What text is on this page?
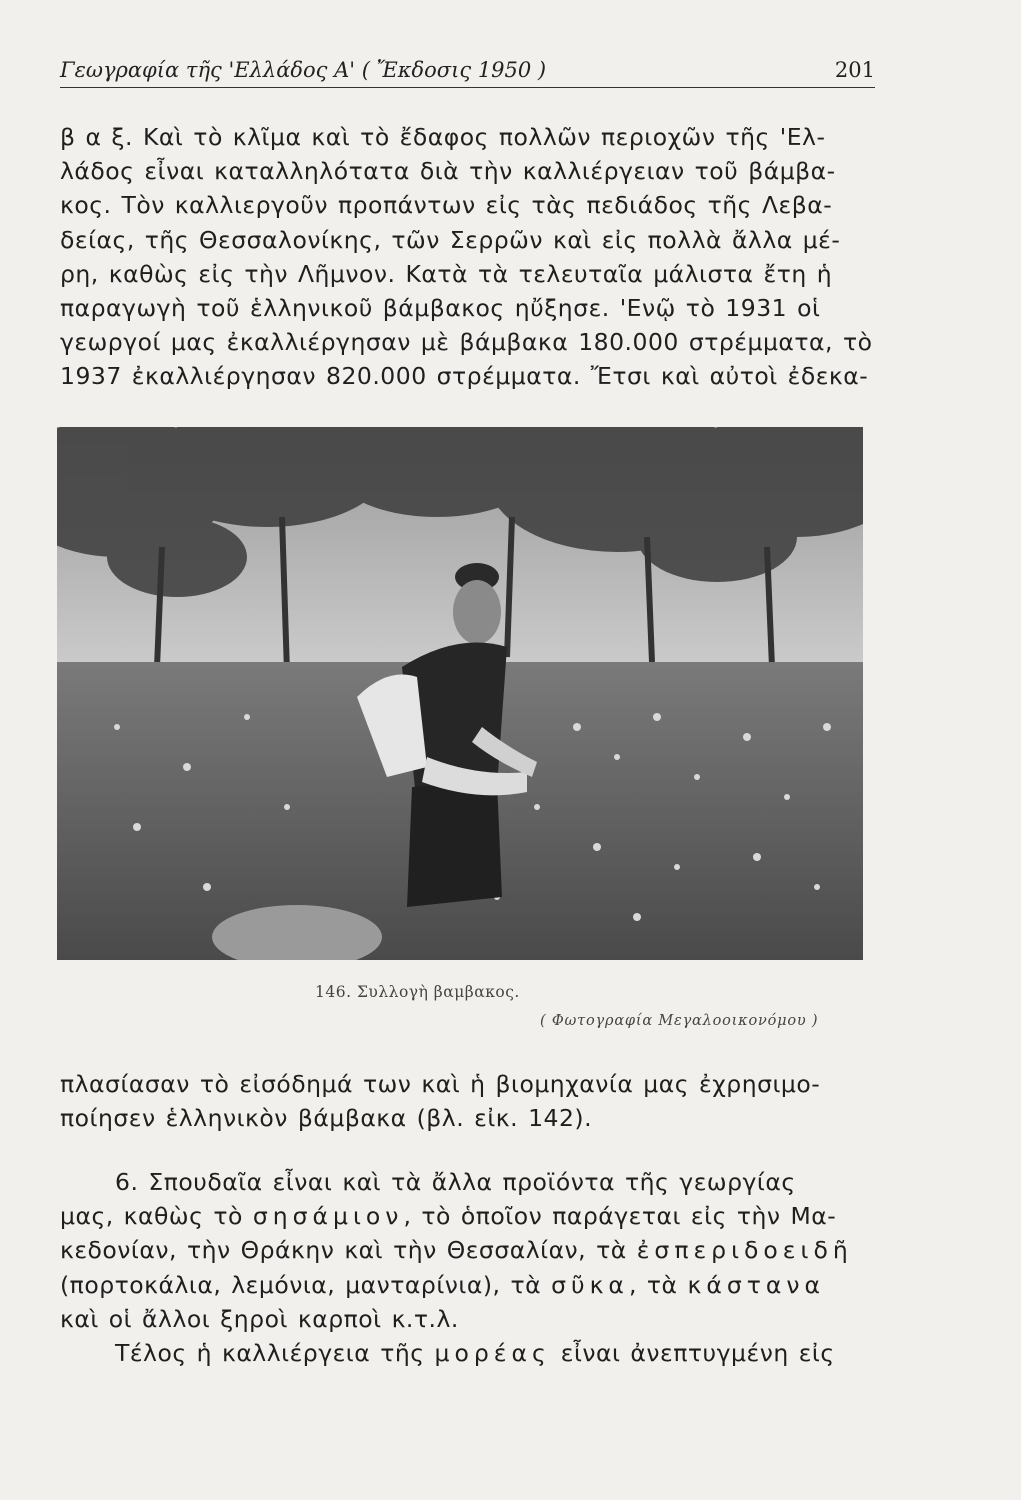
Γεωγραφία τῆς 'Ελλάδος Α' ( Ἔκδοσις 1950 )	201
β α ξ. Καὶ τὸ κλῖμα καὶ τὸ ἔδαφος πολλῶν περιοχῶν τῆς 'Ελ-
λάδος εἶναι καταλληλότατα διὰ τὴν καλλιέργειαν τοῦ βάμβα-
κος. Τὸν καλλιεργοῦν προπάντων εἰς τὰς πεδιάδος τῆς Λεβα-
δείας, τῆς Θεσσαλονίκης, τῶν Σερρῶν καὶ εἰς πολλὰ ἄλλα μέ-
ρη, καθὼς εἰς τὴν Λῆμνον. Κατὰ τὰ τελευταῖα μάλιστα ἔτη ἡ
παραγωγὴ τοῦ ἑλληνικοῦ βάμβακος ηὔξησε. 'Ενῷ τὸ 1931 οἱ
γεωργοί μας ἐκαλλιέργησαν μὲ βάμβακα 180.000 στρέμματα, τὸ
1937 ἐκαλλιέργησαν 820.000 στρέμματα. Ἔτσι καὶ αὐτοὶ ἐδεκα-
146. Συλλογὴ βαμβακος.
( Φωτογραφία Μεγαλοοικονόμου )
πλασίασαν τὸ εἰσόδημά των καὶ ἡ βιομηχανία μας ἐχρησιμο-
ποίησεν ἑλληνικὸν βάμβακα (βλ. εἰκ. 142).
6. Σπουδαῖα εἶναι καὶ τὰ ἄλλα προϊόντα τῆς γεωργίας
μας, καθὼς τὸ σησάμιον, τὸ ὁποῖον παράγεται εἰς τὴν Μα-
κεδονίαν, τὴν Θράκην καὶ τὴν Θεσσαλίαν, τὰ ἐσπεριδοειδῆ
(πορτοκάλια, λεμόνια, μανταρίνια), τὰ σῦκα, τὰ κάστανα
καὶ οἱ ἄλλοι ξηροὶ καρποὶ κ.τ.λ.
Τέλος ἡ καλλιέργεια τῆς μορέας εἶναι ἀνεπτυγμένη εἰς
